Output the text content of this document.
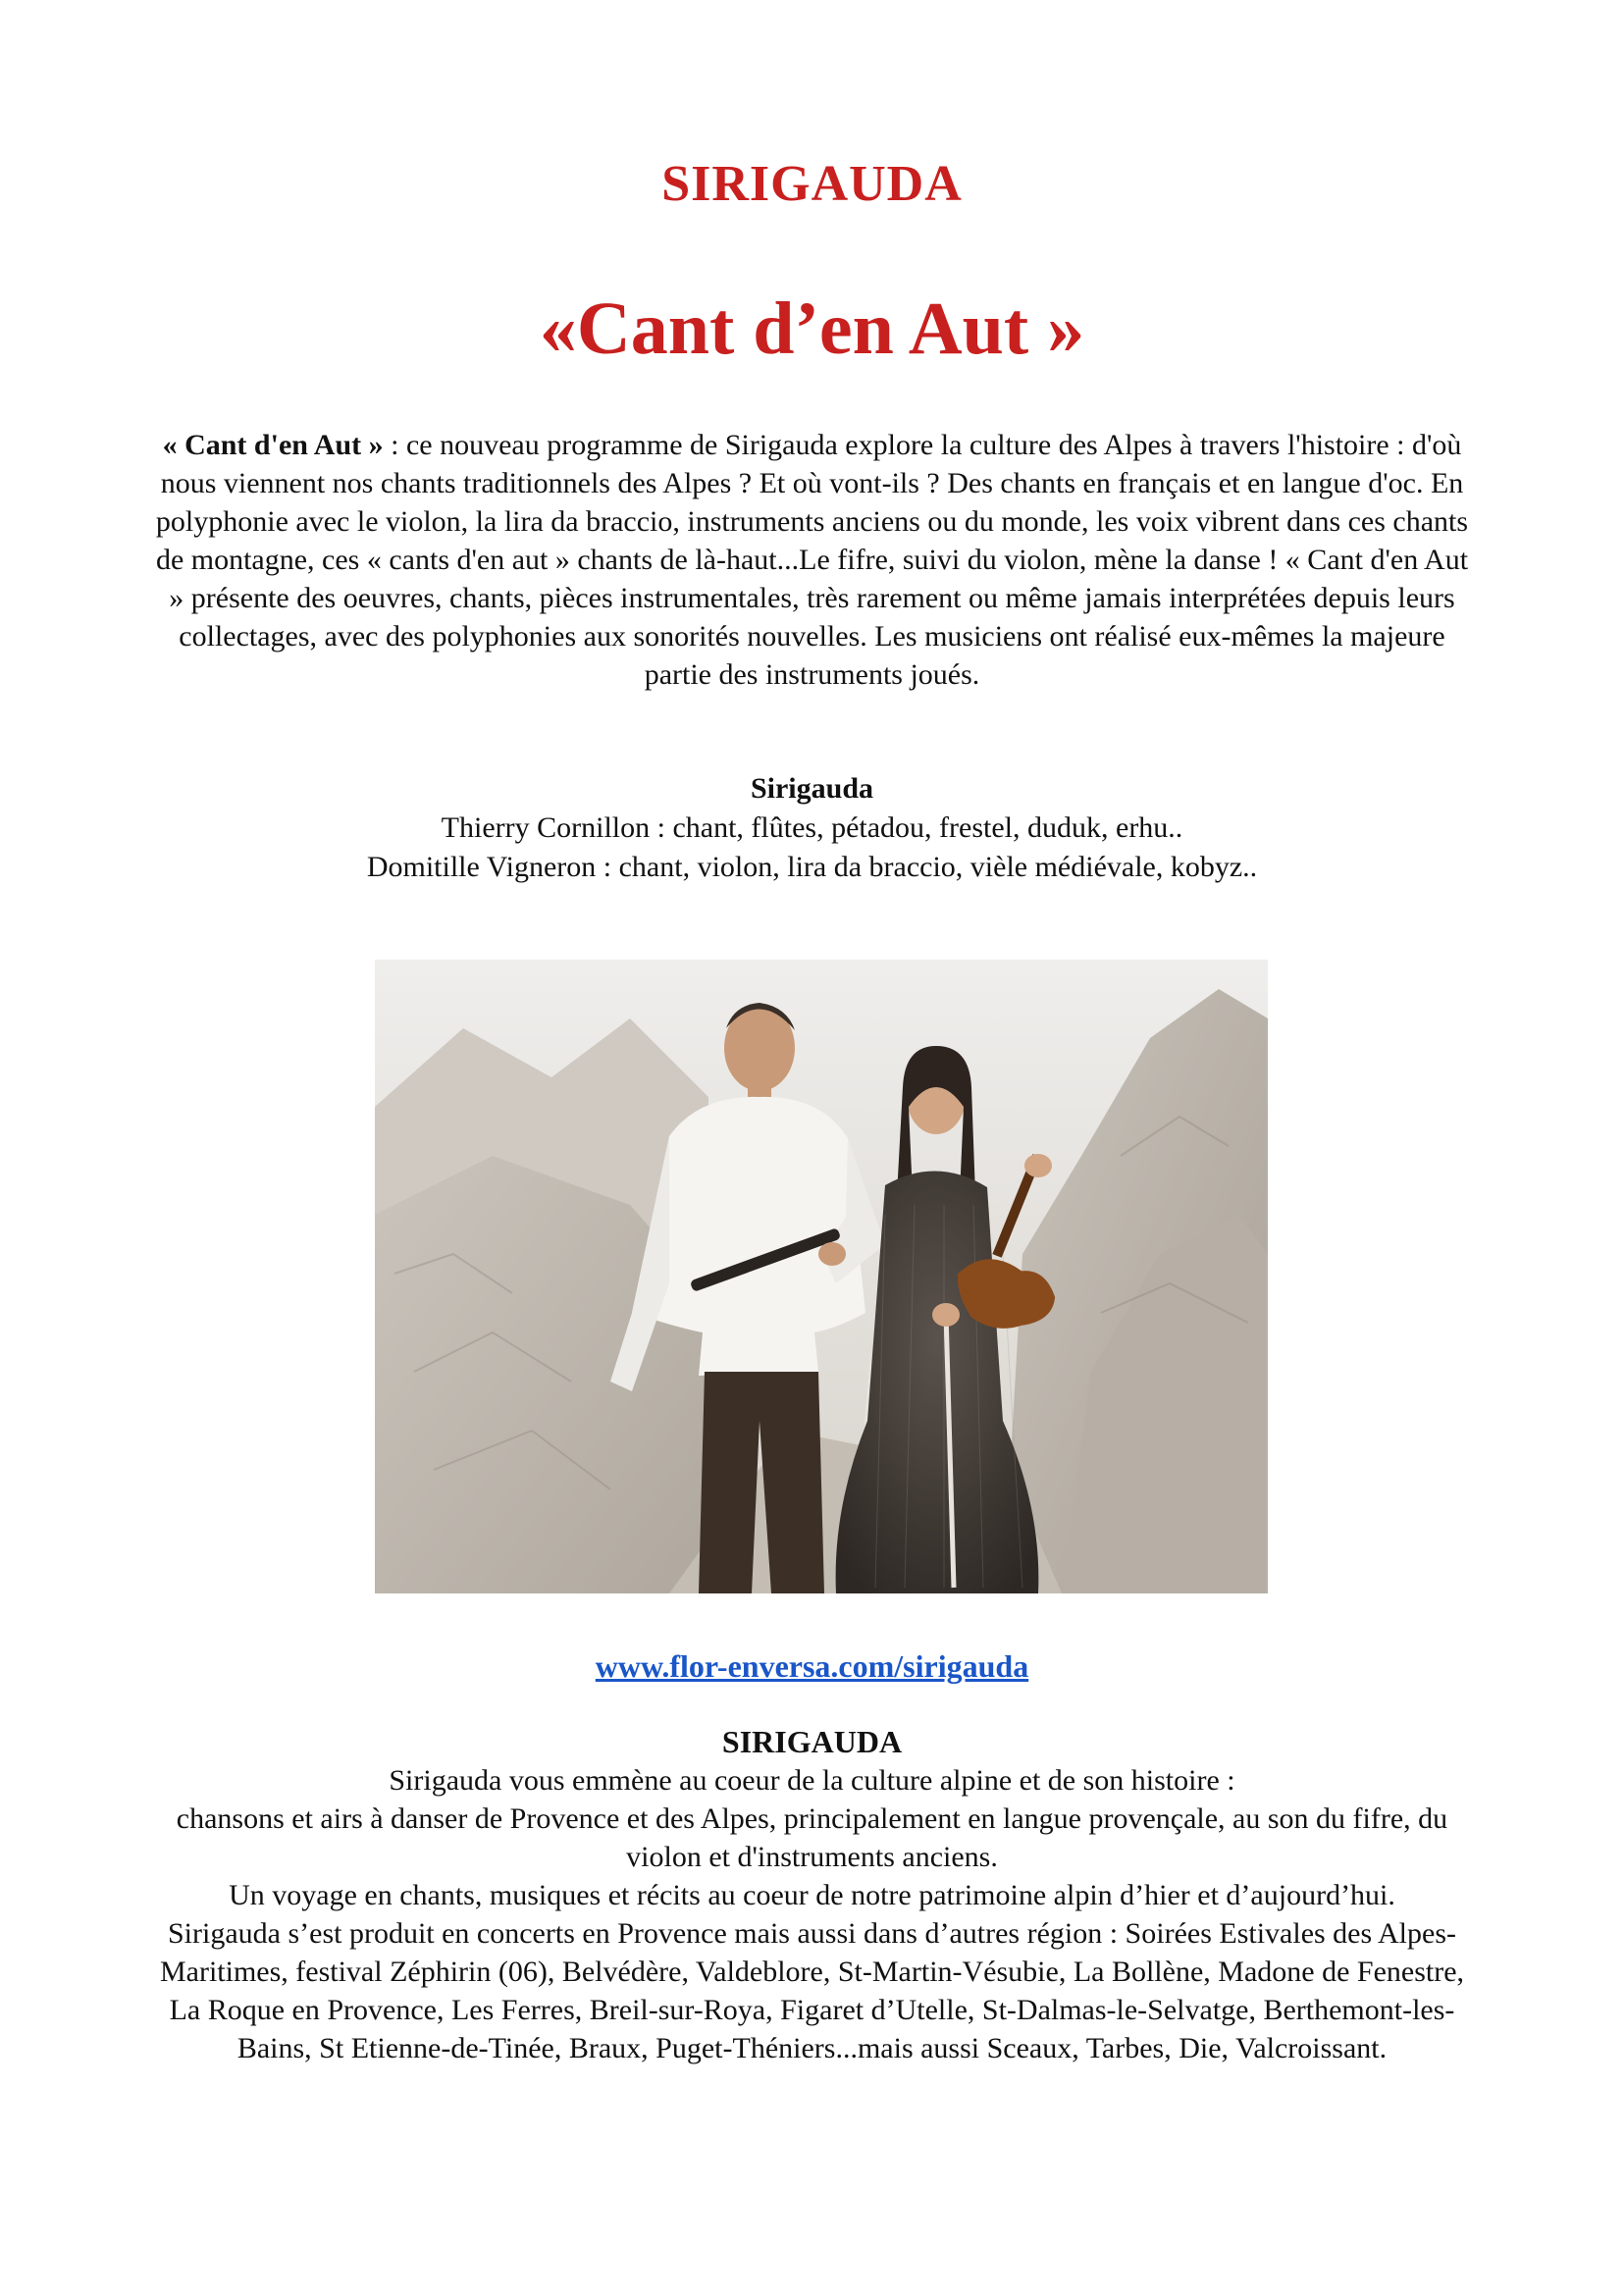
SIRIGAUDA
«Cant d’en Aut »
« Cant d'en Aut » : ce nouveau programme de Sirigauda explore la culture des Alpes à travers l'histoire : d'où nous viennent nos chants traditionnels des Alpes ? Et où vont-ils ? Des chants en français et en langue d'oc. En polyphonie avec le violon, la lira da braccio, instruments anciens ou du monde, les voix vibrent dans ces chants de montagne, ces « cants d'en aut » chants de là-haut...Le fifre, suivi du violon, mène la danse ! « Cant d'en Aut » présente des oeuvres, chants, pièces instrumentales, très rarement ou même jamais interprétées depuis leurs collectages, avec des polyphonies aux sonorités nouvelles. Les musiciens ont réalisé eux-mêmes la majeure partie des instruments joués.
Sirigauda
Thierry Cornillon : chant, flûtes, pétadou, frestel, duduk, erhu..
Domitille Vigneron : chant, violon, lira da braccio, vièle médiévale, kobyz..
www.flor-enversa.com/sirigauda
SIRIGAUDA
Sirigauda vous emmène au coeur de la culture alpine et de son histoire :
chansons et airs à danser de Provence et des Alpes, principalement en langue provençale, au son du fifre, du violon et d'instruments anciens.
Un voyage en chants, musiques et récits au coeur de notre patrimoine alpin d’hier et d’aujourd’hui.
Sirigauda s’est produit en concerts en Provence mais aussi dans d’autres région : Soirées Estivales des Alpes-Maritimes, festival Zéphirin (06), Belvédère, Valdeblore, St-Martin-Vésubie, La Bollène, Madone de Fenestre, La Roque en Provence, Les Ferres, Breil-sur-Roya, Figaret d’Utelle, St-Dalmas-le-Selvatge, Berthemont-les-Bains, St Etienne-de-Tinée, Braux, Puget-Théniers...mais aussi Sceaux, Tarbes, Die, Valcroissant.
